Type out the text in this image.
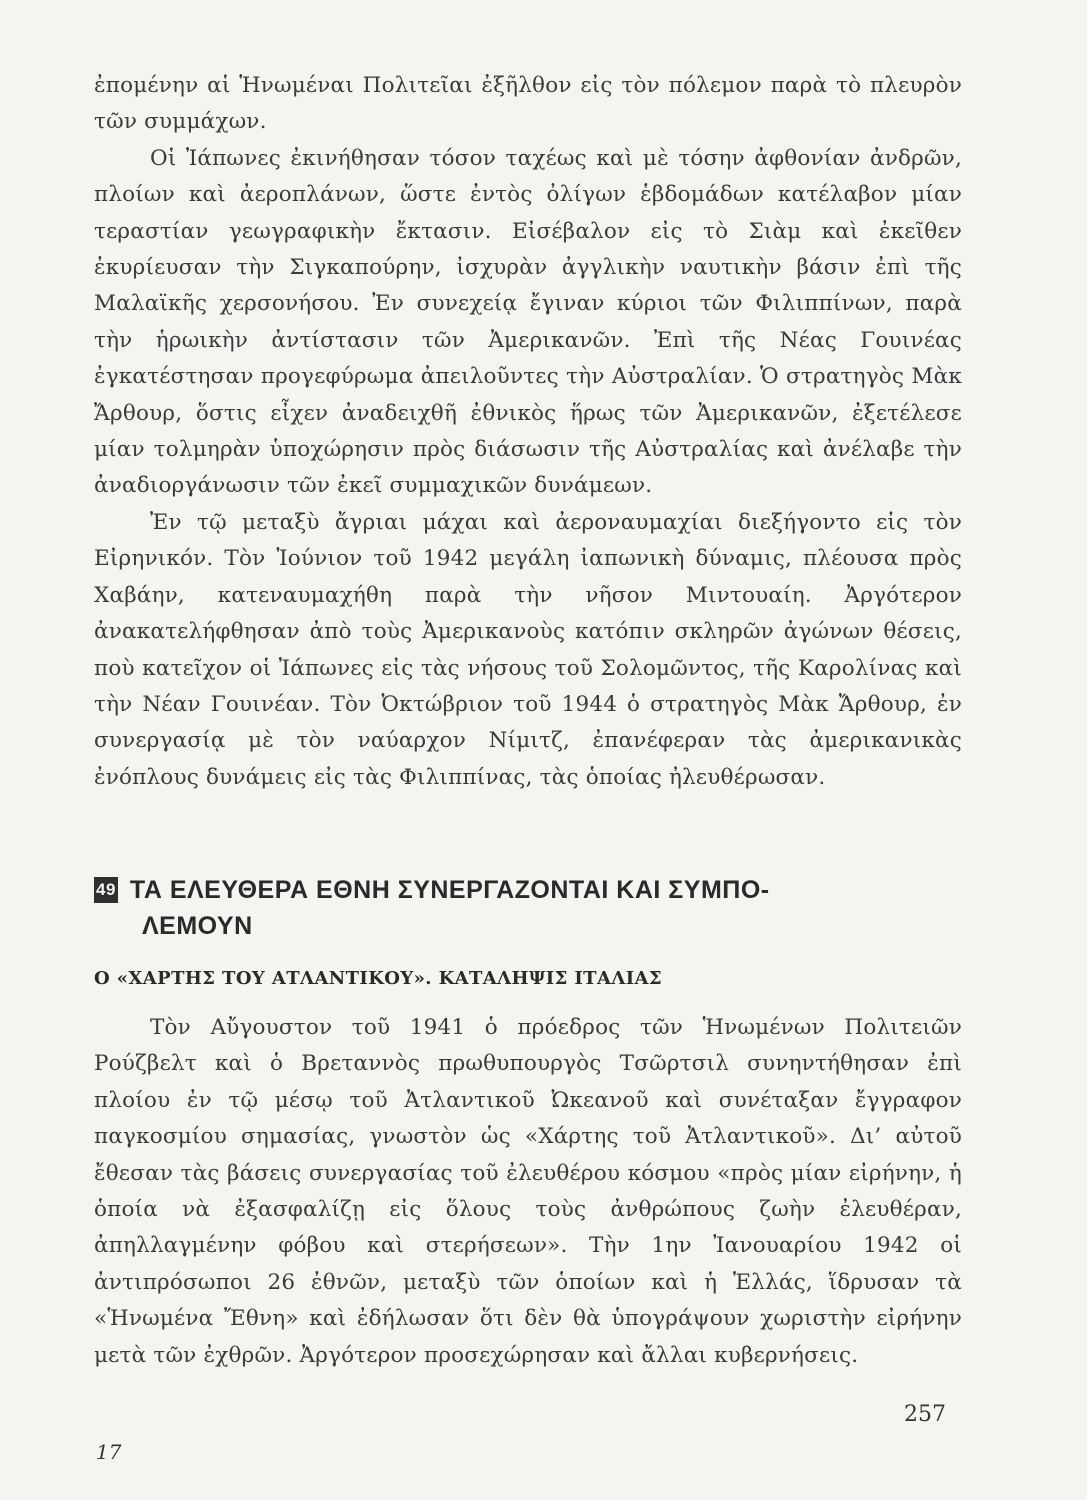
ἐπομένην αἱ Ἡνωμέναι Πολιτεῖαι ἐξῆλθον εἰς τὸν πόλεμον παρὰ τὸ πλευρὸν τῶν συμμάχων.

Οἱ Ἰάπωνες ἐκινήθησαν τόσον ταχέως καὶ μὲ τόσην ἀφθονίαν ἀνδρῶν, πλοίων καὶ ἀεροπλάνων, ὥστε ἐντὸς ὀλίγων ἑβδομάδων κατέλαβον μίαν τεραστίαν γεωγραφικὴν ἔκτασιν. Εἰσέβαλον εἰς τὸ Σιὰμ καὶ ἐκεῖθεν ἐκυρίευσαν τὴν Σιγκαπούρην, ἰσχυρὰν ἀγγλικὴν ναυτικὴν βάσιν ἐπὶ τῆς Μαλαϊκῆς χερσονήσου. Ἐν συνεχείᾳ ἔγιναν κύριοι τῶν Φιλιππίνων, παρὰ τὴν ἡρωικὴν ἀντίστασιν τῶν Ἀμερικανῶν. Ἐπὶ τῆς Νέας Γουινέας ἐγκατέστησαν προγεφύρωμα ἀπειλοῦντες τὴν Αὐστραλίαν. Ὁ στρατηγὸς Μὰκ Ἄρθουρ, ὅστις εἶχεν ἀναδειχθῆ ἐθνικὸς ἥρως τῶν Ἀμερικανῶν, ἐξετέλεσε μίαν τολμηρὰν ὑποχώρησιν πρὸς διάσωσιν τῆς Αὐστραλίας καὶ ἀνέλαβε τὴν ἀναδιοργάνωσιν τῶν ἐκεῖ συμμαχικῶν δυνάμεων.

Ἐν τῷ μεταξὺ ἄγριαι μάχαι καὶ ἀεροναυμαχίαι διεξήγοντο εἰς τὸν Εἰρηνικόν. Τὸν Ἰούνιον τοῦ 1942 μεγάλη ἰαπωνικὴ δύναμις, πλέουσα πρὸς Χαβάην, κατεναυμαχήθη παρὰ τὴν νῆσον Μιντουαίη. Ἀργότερον ἀνακατελήφθησαν ἀπὸ τοὺς Ἀμερικανοὺς κατόπιν σκληρῶν ἀγώνων θέσεις, ποὺ κατεῖχον οἱ Ἰάπωνες εἰς τὰς νήσους τοῦ Σολομῶντος, τῆς Καρολίνας καὶ τὴν Νέαν Γουινέαν. Τὸν Ὀκτώβριον τοῦ 1944 ὁ στρατηγὸς Μὰκ Ἄρθουρ, ἐν συνεργασίᾳ μὲ τὸν ναύαρχον Νίμιτζ, ἐπανέφεραν τὰς ἀμερικανικὰς ἐνόπλους δυνάμεις εἰς τὰς Φιλιππίνας, τὰς ὁποίας ἠλευθέρωσαν.

49 ΤΑ ΕΛΕΥΘΕΡΑ ΕΘΝΗ ΣΥΝΕΡΓΑΖΟΝΤΑΙ ΚΑΙ ΣΥΜΠΟ-
ΛΕΜΟΥΝ
Ο «ΧΑΡΤΗΣ ΤΟΥ ΑΤΛΑΝΤΙΚΟΥ». ΚΑΤΑΛΗΨΙΣ ΙΤΑΛΙΑΣ

Τὸν Αὔγουστον τοῦ 1941 ὁ πρόεδρος τῶν Ἡνωμένων Πολιτειῶν Ρούζβελτ καὶ ὁ Βρεταννὸς πρωθυπουργὸς Τσῶρτσιλ συνηντήθησαν ἐπὶ πλοίου ἐν τῷ μέσῳ τοῦ Ἀτλαντικοῦ Ὠκεανοῦ καὶ συνέταξαν ἔγγραφον παγκοσμίου σημασίας, γνωστὸν ὡς «Χάρτης τοῦ Ἀτλαντικοῦ». Δι’ αὐτοῦ ἔθεσαν τὰς βάσεις συνεργασίας τοῦ ἐλευθέρου κόσμου «πρὸς μίαν εἰρήνην, ἡ ὁποία νὰ ἐξασφαλίζῃ εἰς ὅλους τοὺς ἀνθρώπους ζωὴν ἐλευθέραν, ἀπηλλαγμένην φόβου καὶ στερήσεων». Τὴν 1ην Ἰανουαρίου 1942 οἱ ἀντιπρόσωποι 26 ἐθνῶν, μεταξὺ τῶν ὁποίων καὶ ἡ Ἑλλάς, ἵδρυσαν τὰ «Ἡνωμένα Ἔθνη» καὶ ἐδήλωσαν ὅτι δὲν θὰ ὑπογράψουν χωριστὴν εἰρήνην μετὰ τῶν ἐχθρῶν. Ἀργότερον προσεχώρησαν καὶ ἄλλαι κυβερνήσεις.

257
17
